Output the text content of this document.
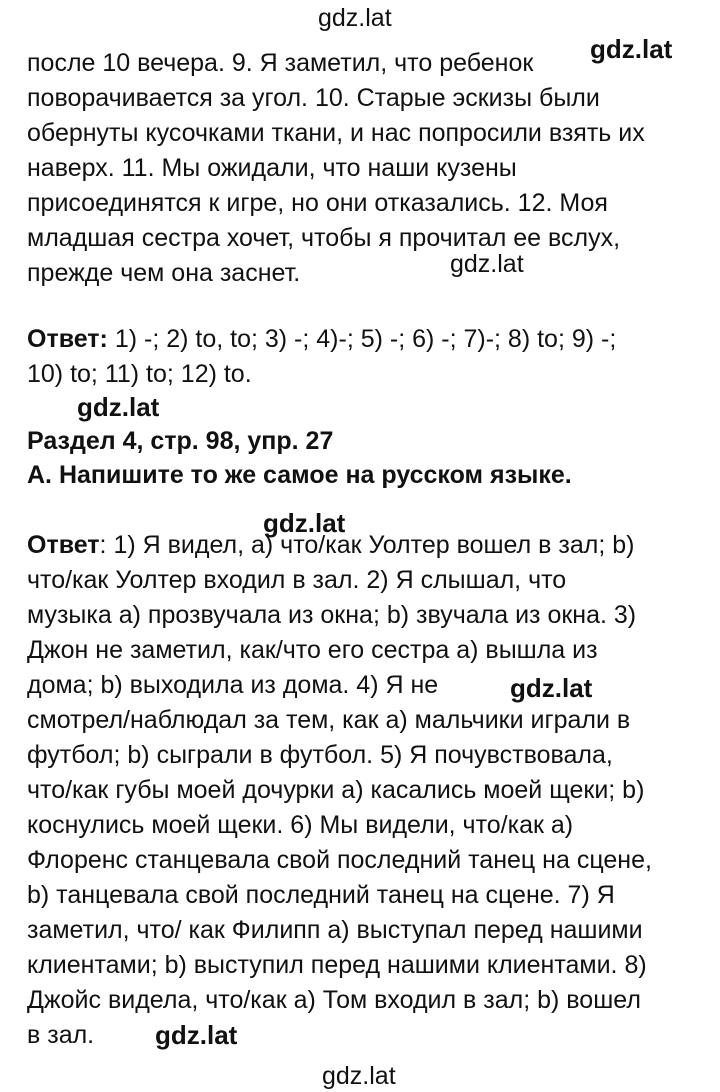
gdz.lat
gdz.lat
gdz.lat
gdz.lat
gdz.lat
gdz.lat
gdz.lat
gdz.lat
после 10 вечера. 9. Я заметил, что ребенок
поворачивается за угол. 10. Старые эскизы были
обернуты кусочками ткани, и нас попросили взять их
наверх. 11. Мы ожидали, что наши кузены
присоединятся к игре, но они отказались. 12. Моя
младшая сестра хочет, чтобы я прочитал ее вслух,
прежде чем она заснет.
Ответ: 1) -; 2) to, to; 3) -; 4)-; 5) -; 6) -; 7)-; 8) to; 9) -;
10) to; 11) to; 12) to.
Раздел 4, стр. 98, упр. 27
A. Напишите то же самое на русском языке.
Ответ: 1) Я видел, а) что/как Уолтер вошел в зал; b)
что/как Уолтер входил в зал. 2) Я слышал, что
музыка а) прозвучала из окна; b) звучала из окна. 3)
Джон не заметил, как/что его сестра а) вышла из
дома; b) выходила из дома. 4) Я не
смотрел/наблюдал за тем, как а) мальчики играли в
футбол; b) сыграли в футбол. 5) Я почувствовала,
что/как губы моей дочурки а) касались моей щеки; b)
коснулись моей щеки. 6) Мы видели, что/как а)
Флоренс станцевала свой последний танец на сцене,
b) танцевала свой последний танец на сцене. 7) Я
заметил, что/ как Филипп а) выступал перед нашими
клиентами; b) выступил перед нашими клиентами. 8)
Джойс видела, что/как а) Том входил в зал; b) вошел
в зал.
